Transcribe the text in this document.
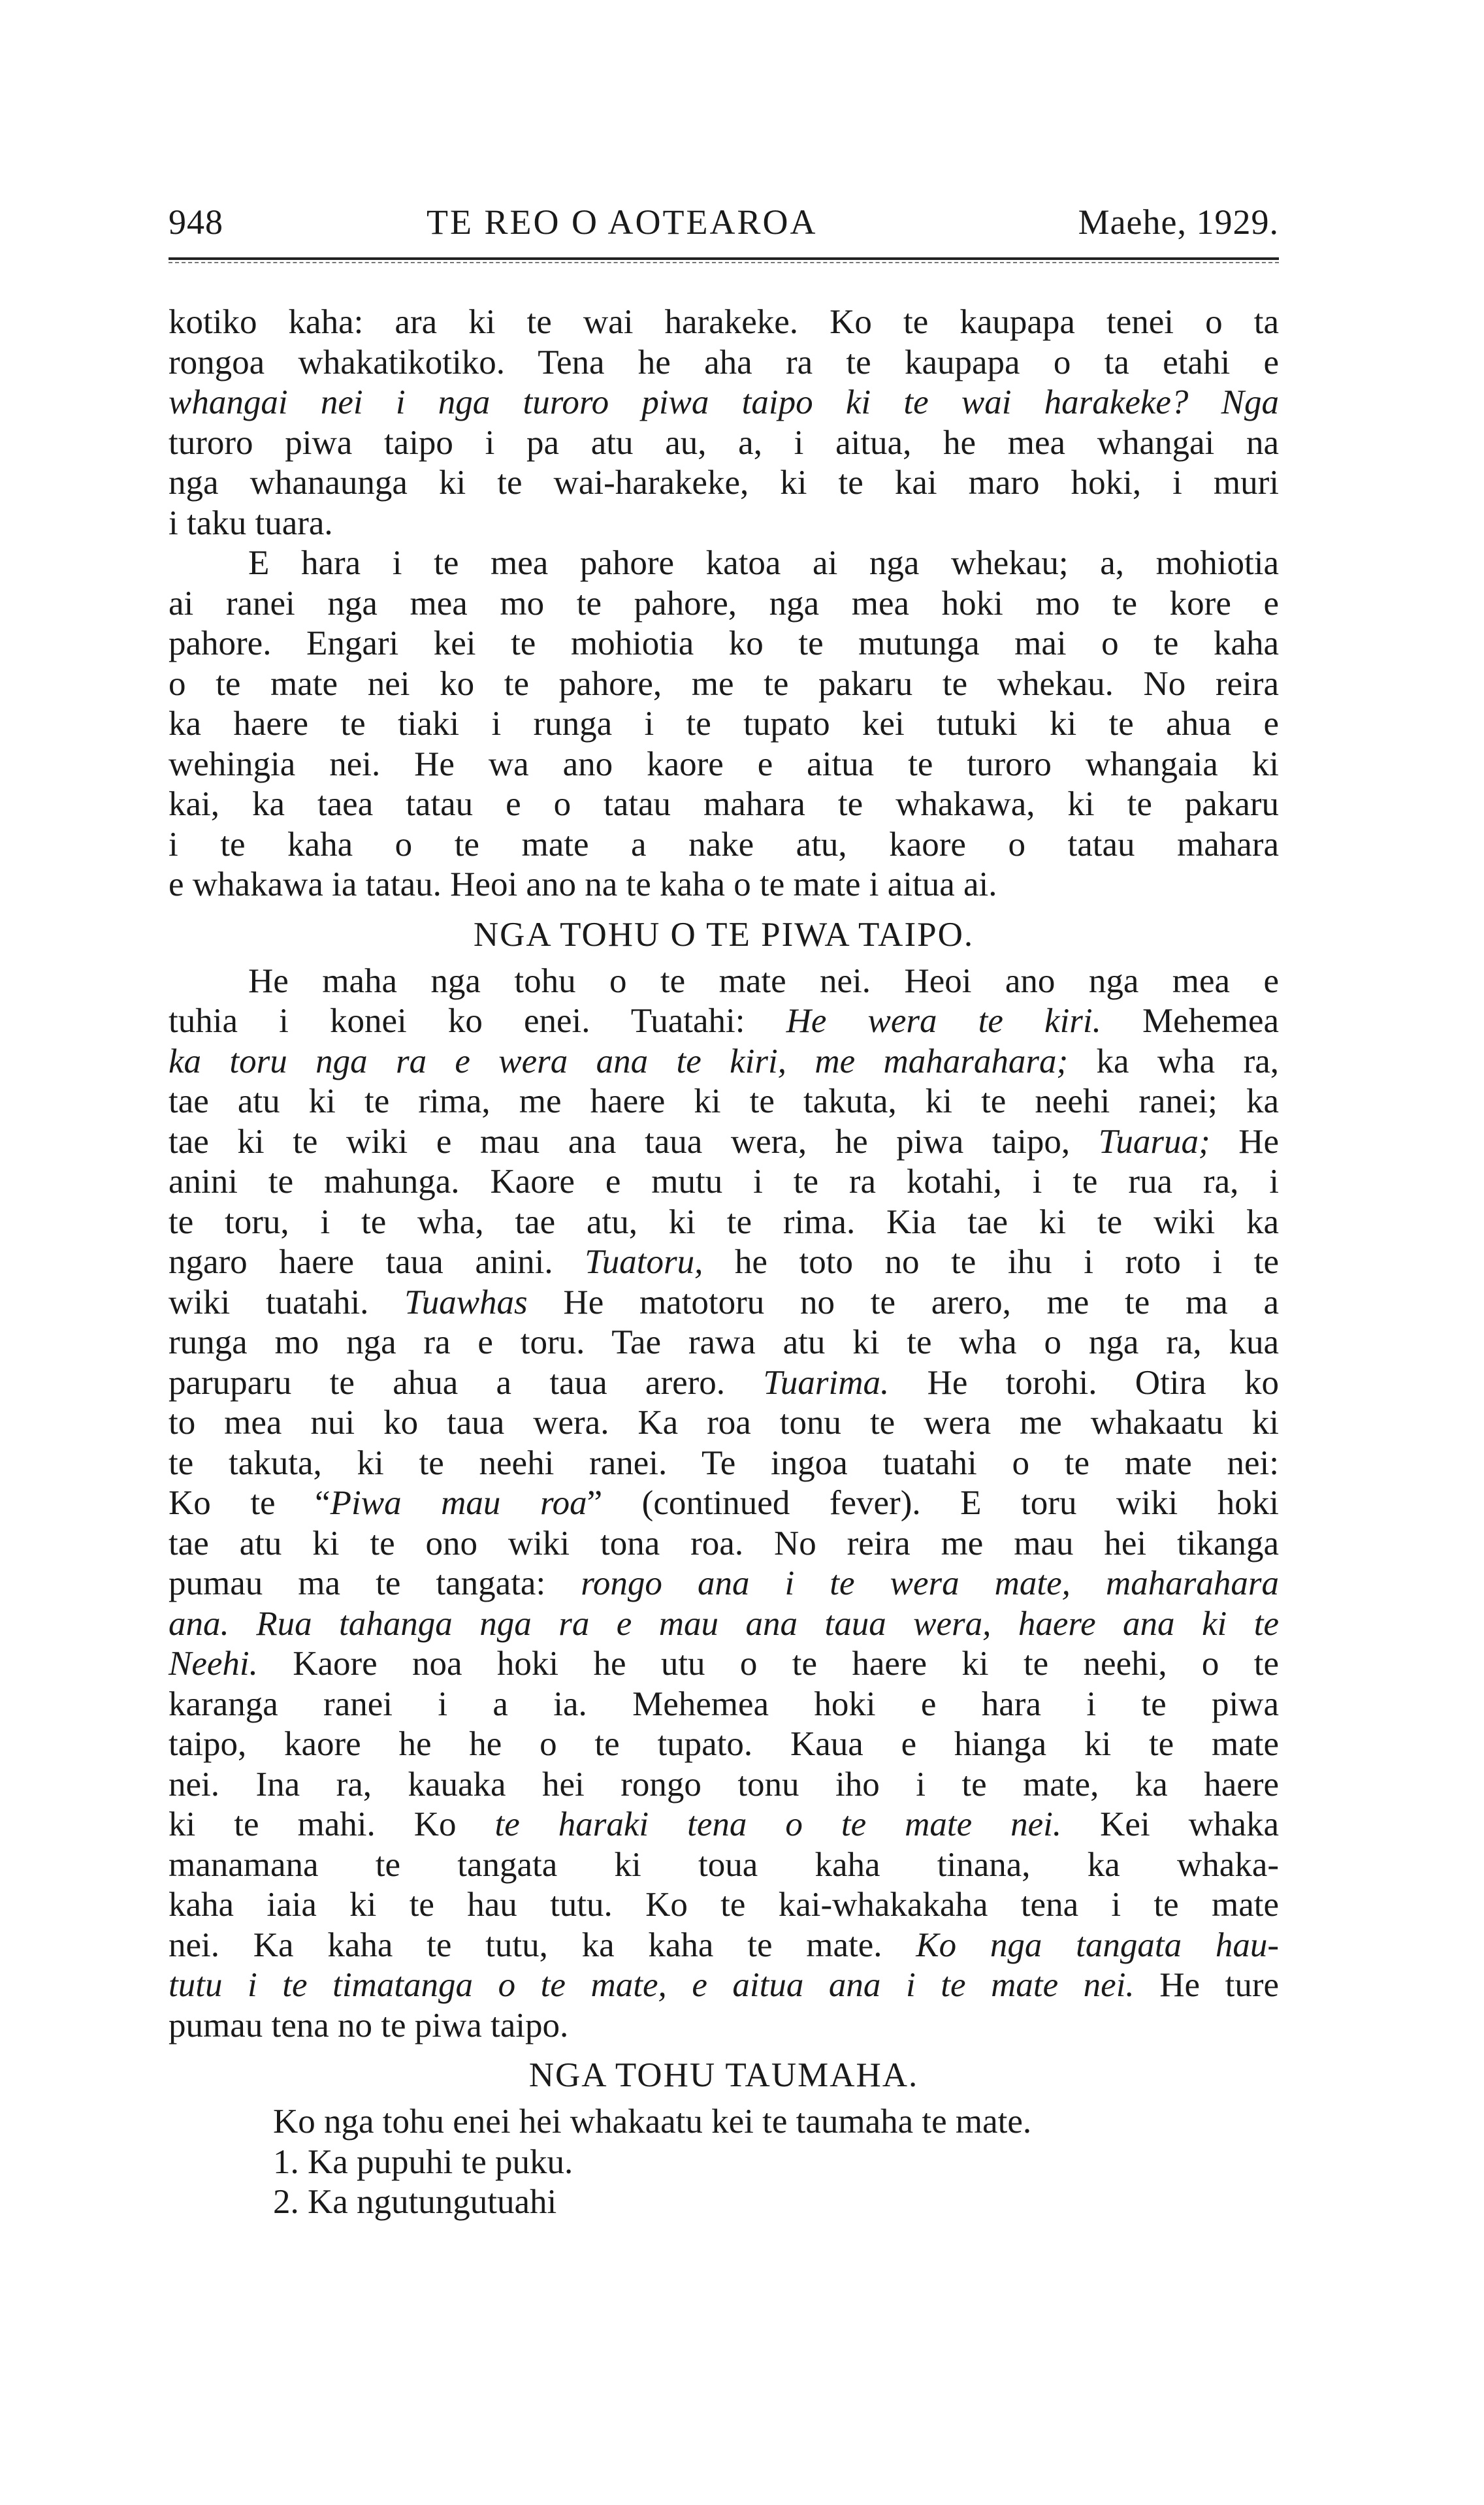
948	TE REO O AOTEAROA	Maehe, 1929.
kotiko kaha: ara ki te wai harakeke. Ko te kaupapa tenei o ta
rongoa whakatikotiko. Tena he aha ra te kaupapa o ta etahi e
whangai nei i nga turoro piwa taipo ki te wai harakeke? Nga
turoro piwa taipo i pa atu au, a, i aitua, he mea whangai na
nga whanaunga ki te wai-harakeke, ki te kai maro hoki, i muri
i taku tuara.
E hara i te mea pahore katoa ai nga whekau; a, mohiotia
ai ranei nga mea mo te pahore, nga mea hoki mo te kore e
pahore. Engari kei te mohiotia ko te mutunga mai o te kaha
o te mate nei ko te pahore, me te pakaru te whekau. No reira
ka haere te tiaki i runga i te tupato kei tutuki ki te ahua e
wehingia nei. He wa ano kaore e aitua te turoro whangaia ki
kai, ka taea tatau e o tatau mahara te whakawa, ki te pakaru
i te kaha o te mate a nake atu, kaore o tatau mahara
e whakawa ia tatau. Heoi ano na te kaha o te mate i aitua ai.
NGA TOHU O TE PIWA TAIPO.
He maha nga tohu o te mate nei. Heoi ano nga mea e
tuhia i konei ko enei. Tuatahi: He wera te kiri. Mehemea
ka toru nga ra e wera ana te kiri, me maharahara; ka wha ra,
tae atu ki te rima, me haere ki te takuta, ki te neehi ranei; ka
tae ki te wiki e mau ana taua wera, he piwa taipo, Tuarua; He
anini te mahunga. Kaore e mutu i te ra kotahi, i te rua ra, i
te toru, i te wha, tae atu, ki te rima. Kia tae ki te wiki ka
ngaro haere taua anini. Tuatoru, he toto no te ihu i roto i te
wiki tuatahi. Tuawhas He matotoru no te arero, me te ma a
runga mo nga ra e toru. Tae rawa atu ki te wha o nga ra, kua
paruparu te ahua a taua arero. Tuarima. He torohi. Otira ko
to mea nui ko taua wera. Ka roa tonu te wera me whakaatu ki
te takuta, ki te neehi ranei. Te ingoa tuatahi o te mate nei:
Ko te “Piwa mau roa” (continued fever). E toru wiki hoki
tae atu ki te ono wiki tona roa. No reira me mau hei tikanga
pumau ma te tangata: rongo ana i te wera mate, maharahara
ana. Rua tahanga nga ra e mau ana taua wera, haere ana ki te
Neehi. Kaore noa hoki he utu o te haere ki te neehi, o te
karanga ranei i a ia. Mehemea hoki e hara i te piwa
taipo, kaore he he o te tupato. Kaua e hianga ki te mate
nei. Ina ra, kauaka hei rongo tonu iho i te mate, ka haere
ki te mahi. Ko te haraki tena o te mate nei. Kei whaka
manamana te tangata ki toua kaha tinana, ka whaka-
kaha iaia ki te hau tutu. Ko te kai-whakakaha tena i te mate
nei. Ka kaha te tutu, ka kaha te mate. Ko nga tangata hau-
tutu i te timatanga o te mate, e aitua ana i te mate nei. He ture
pumau tena no te piwa taipo.
NGA TOHU TAUMAHA.
Ko nga tohu enei hei whakaatu kei te taumaha te mate.
1. Ka pupuhi te puku.
2. Ka ngutungutuahi
